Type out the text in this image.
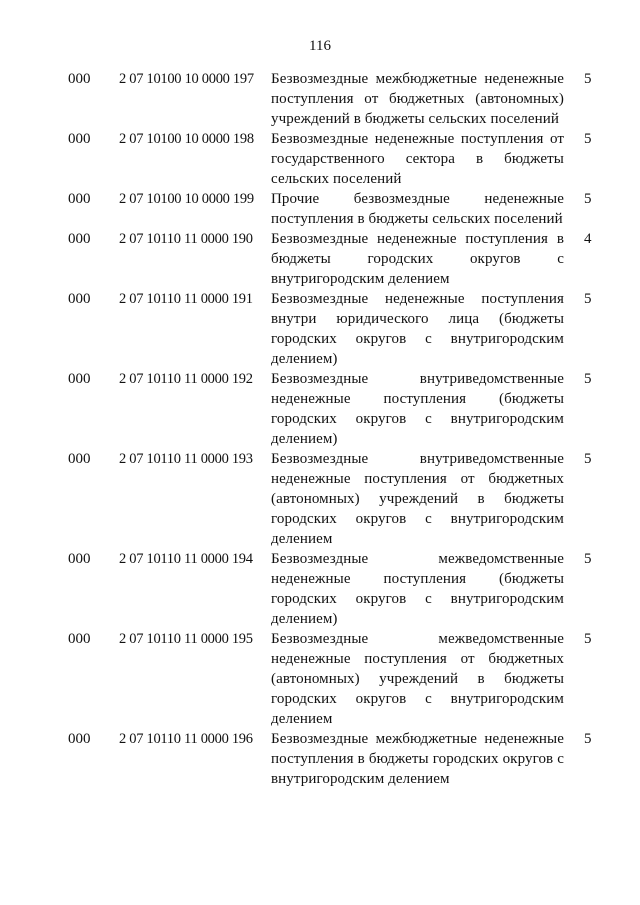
116
000 2 07 10100 10 0000 197 Безвозмездные межбюджетные неденежные
поступления от бюджетных (автономных)
учреждений в бюджеты сельских поселений
5
000 2 07 10100 10 0000 198 Безвозмездные неденежные поступления от
государственного сектора в бюджеты
сельских поселений
5
000 2 07 10100 10 0000 199 Прочие безвозмездные неденежные
поступления в бюджеты сельских поселений
5
000 2 07 10110 11 0000 190 Безвозмездные неденежные поступления в
бюджеты городских округов с
внутригородским делением
4
000 2 07 10110 11 0000 191 Безвозмездные неденежные поступления
внутри юридического лица (бюджеты
городских округов с внутригородским
делением)
5
000 2 07 10110 11 0000 192 Безвозмездные внутриведомственные
неденежные поступления (бюджеты
городских округов с внутригородским
делением)
5
000 2 07 10110 11 0000 193 Безвозмездные внутриведомственные
неденежные поступления от бюджетных
(автономных) учреждений в бюджеты
городских округов с внутригородским
делением
5
000 2 07 10110 11 0000 194 Безвозмездные межведомственные
неденежные поступления (бюджеты
городских округов с внутригородским
делением)
5
000 2 07 10110 11 0000 195 Безвозмездные межведомственные
неденежные поступления от бюджетных
(автономных) учреждений в бюджеты
городских округов с внутригородским
делением
5
000 2 07 10110 11 0000 196 Безвозмездные межбюджетные неденежные
поступления в бюджеты городских округов с
внутригородским делением
5
